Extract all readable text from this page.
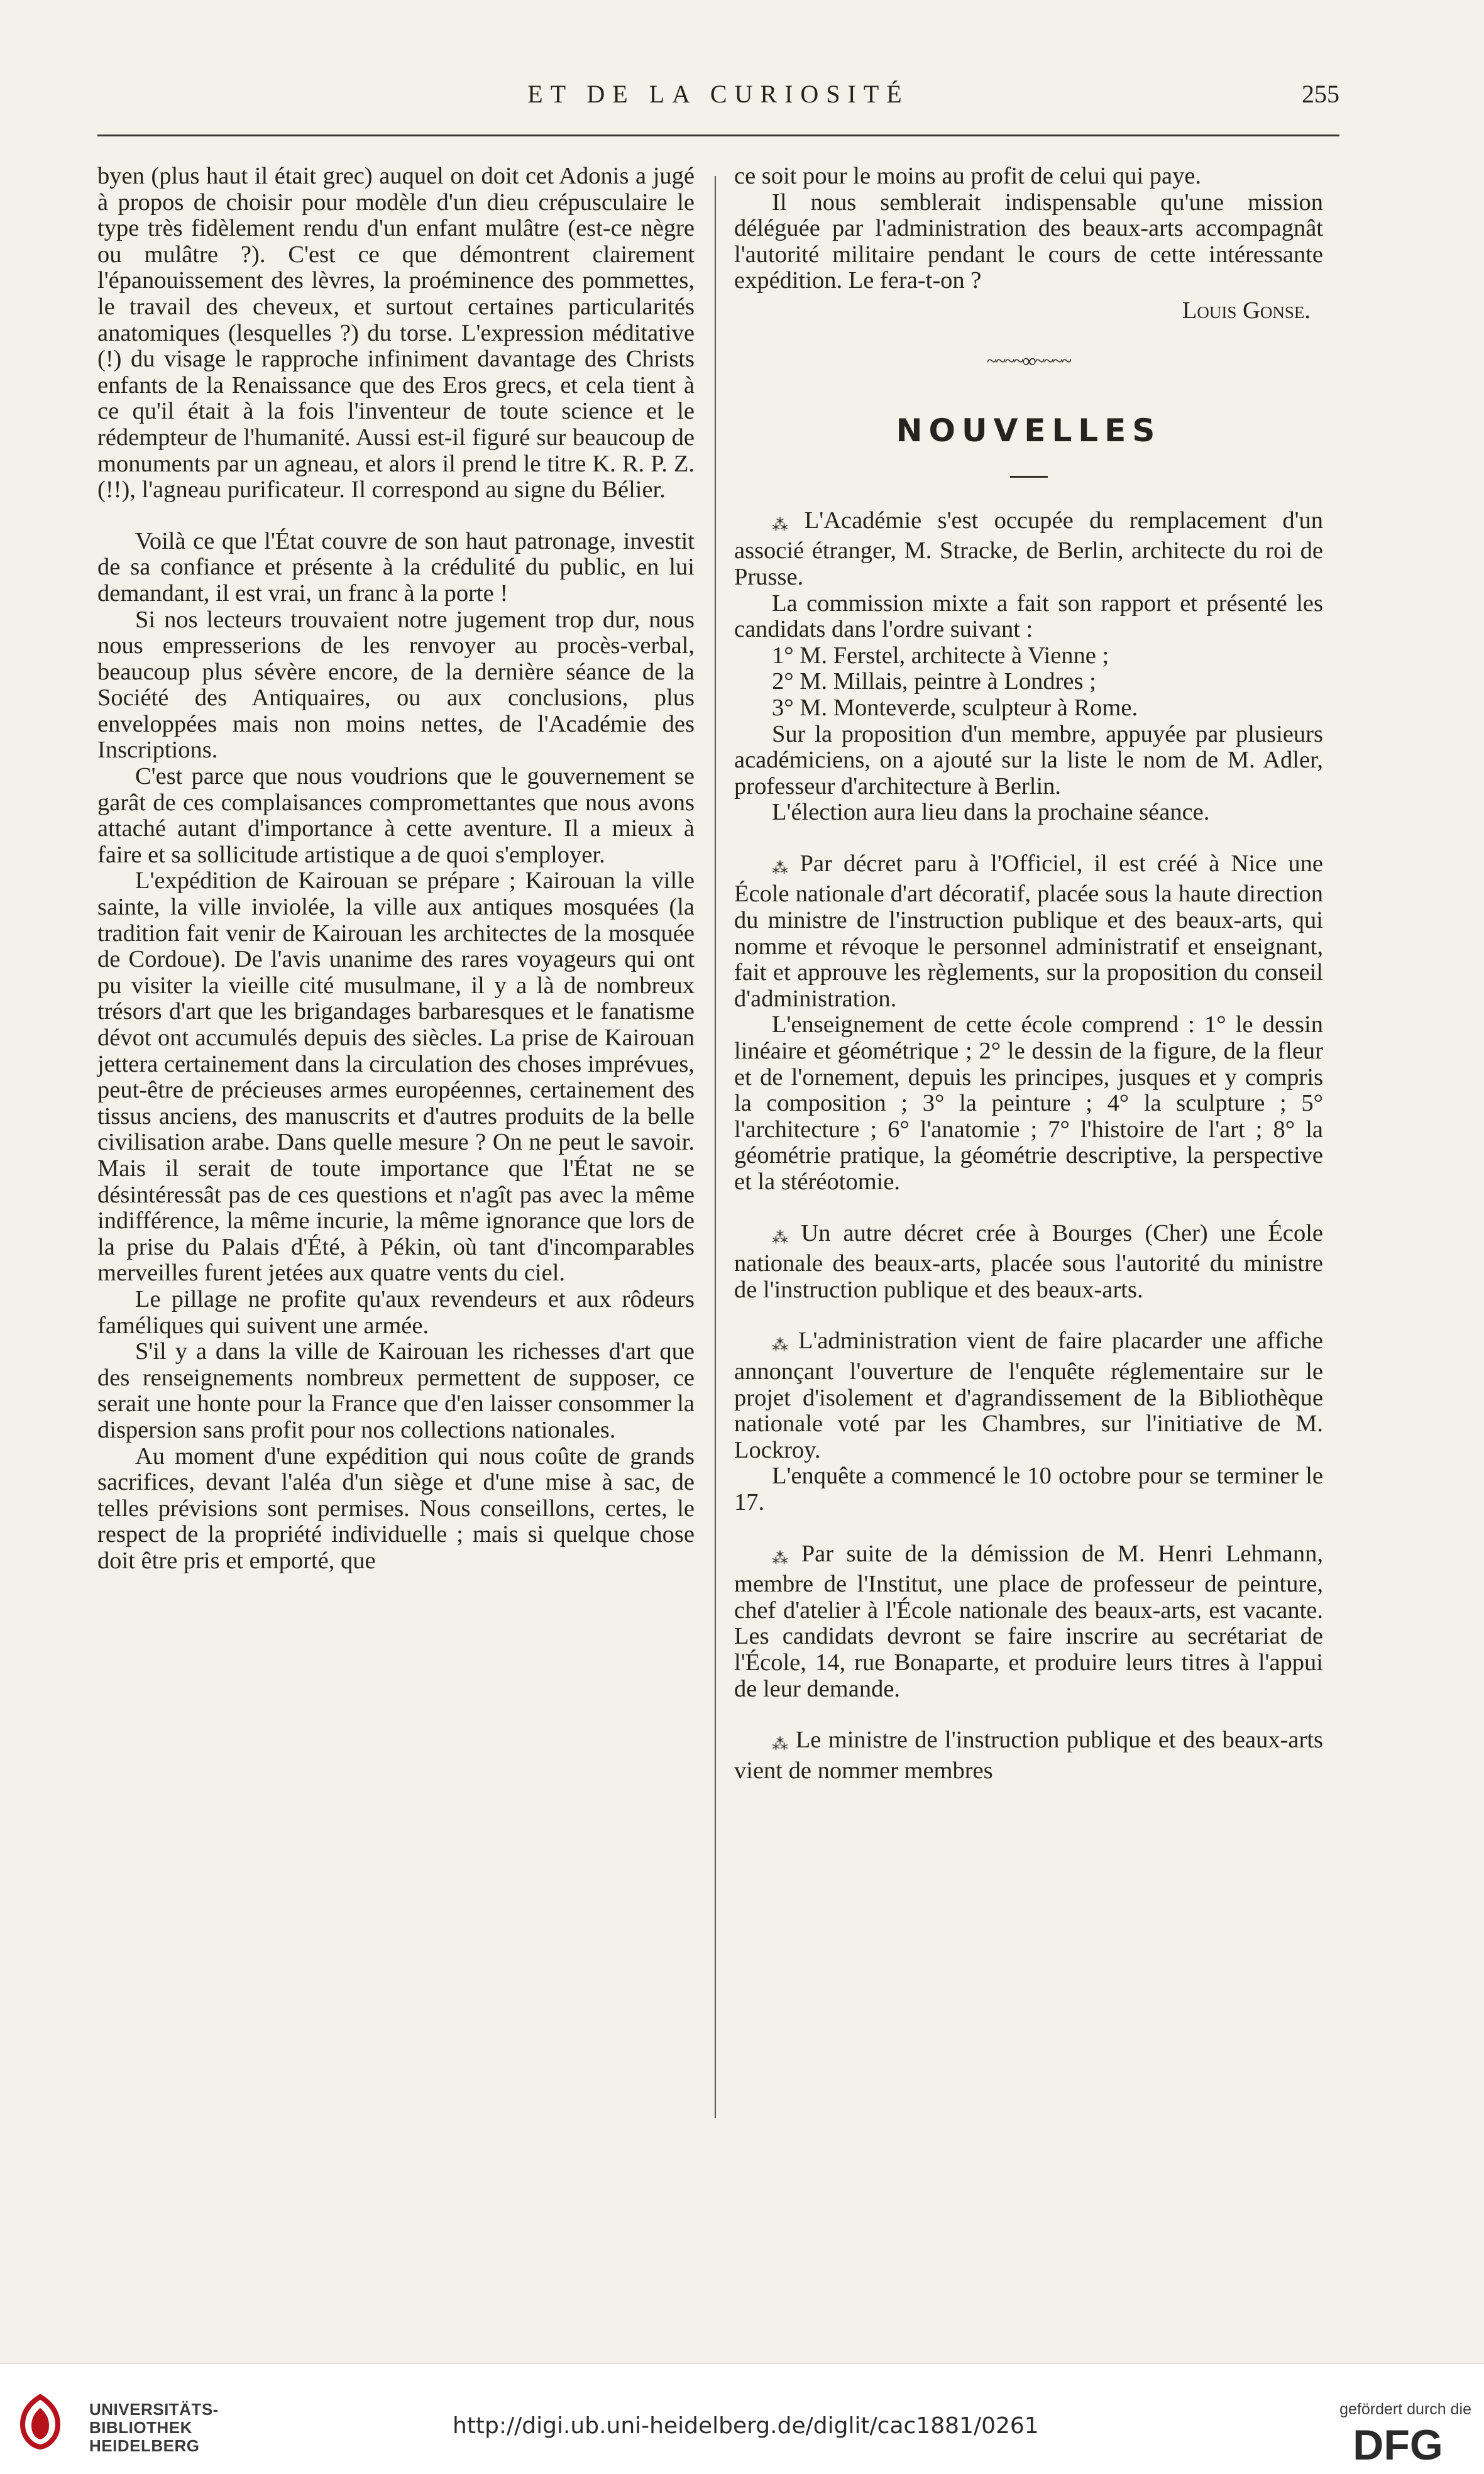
ET DE LA CURIOSITÉ	255

byen (plus haut il était grec) auquel on doit cet Adonis a jugé à propos de choisir pour modèle d'un dieu crépusculaire le type très fidèlement rendu d'un enfant mulâtre (est-ce nègre ou mulâtre ?). C'est ce que démontrent clairement l'épanouissement des lèvres, la proéminence des pommettes, le travail des cheveux, et surtout certaines particularités anatomiques (lesquelles ?) du torse. L'expression méditative (!) du visage le rapproche infiniment davantage des Christs enfants de la Renaissance que des Eros grecs, et cela tient à ce qu'il était à la fois l'inventeur de toute science et le rédempteur de l'humanité. Aussi est-il figuré sur beaucoup de monuments par un agneau, et alors il prend le titre K. R. P. Z. (!!), l'agneau purificateur. Il correspond au signe du Bélier.

Voilà ce que l'État couvre de son haut patronage, investit de sa confiance et présente à la crédulité du public, en lui demandant, il est vrai, un franc à la porte !

Si nos lecteurs trouvaient notre jugement trop dur, nous nous empresserions de les renvoyer au procès-verbal, beaucoup plus sévère encore, de la dernière séance de la Société des Antiquaires, ou aux conclusions, plus enveloppées mais non moins nettes, de l'Académie des Inscriptions.

C'est parce que nous voudrions que le gouvernement se garât de ces complaisances compromettantes que nous avons attaché autant d'importance à cette aventure. Il a mieux à faire et sa sollicitude artistique a de quoi s'employer.

L'expédition de Kairouan se prépare ; Kairouan la ville sainte, la ville inviolée, la ville aux antiques mosquées (la tradition fait venir de Kairouan les architectes de la mosquée de Cordoue). De l'avis unanime des rares voyageurs qui ont pu visiter la vieille cité musulmane, il y a là de nombreux trésors d'art que les brigandages barbaresques et le fanatisme dévot ont accumulés depuis des siècles. La prise de Kairouan jettera certainement dans la circulation des choses imprévues, peut-être de précieuses armes européennes, certainement des tissus anciens, des manuscrits et d'autres produits de la belle civilisation arabe. Dans quelle mesure ? On ne peut le savoir. Mais il serait de toute importance que l'État ne se désintéressât pas de ces questions et n'agît pas avec la même indifférence, la même incurie, la même ignorance que lors de la prise du Palais d'Été, à Pékin, où tant d'incomparables merveilles furent jetées aux quatre vents du ciel.

Le pillage ne profite qu'aux revendeurs et aux rôdeurs faméliques qui suivent une armée.

S'il y a dans la ville de Kairouan les richesses d'art que des renseignements nombreux permettent de supposer, ce serait une honte pour la France que d'en laisser consommer la dispersion sans profit pour nos collections nationales.

Au moment d'une expédition qui nous coûte de grands sacrifices, devant l'aléa d'un siège et d'une mise à sac, de telles prévisions sont permises. Nous conseillons, certes, le respect de la propriété individuelle ; mais si quelque chose doit être pris et emporté, que

ce soit pour le moins au profit de celui qui paye.

Il nous semblerait indispensable qu'une mission déléguée par l'administration des beaux-arts accompagnât l'autorité militaire pendant le cours de cette intéressante expédition. Le fera-t-on ?

Louis Gonse.

~~~~∞~~~~
NOUVELLES

⁂ L'Académie s'est occupée du remplacement d'un associé étranger, M. Stracke, de Berlin, architecte du roi de Prusse.

La commission mixte a fait son rapport et présenté les candidats dans l'ordre suivant :

1° M. Ferstel, architecte à Vienne ;

2° M. Millais, peintre à Londres ;

3° M. Monteverde, sculpteur à Rome.

Sur la proposition d'un membre, appuyée par plusieurs académiciens, on a ajouté sur la liste le nom de M. Adler, professeur d'architecture à Berlin.

L'élection aura lieu dans la prochaine séance.

⁂ Par décret paru à l'Officiel, il est créé à Nice une École nationale d'art décoratif, placée sous la haute direction du ministre de l'instruction publique et des beaux-arts, qui nomme et révoque le personnel administratif et enseignant, fait et approuve les règlements, sur la proposition du conseil d'administration.

L'enseignement de cette école comprend : 1° le dessin linéaire et géométrique ; 2° le dessin de la figure, de la fleur et de l'ornement, depuis les principes, jusques et y compris la composition ; 3° la peinture ; 4° la sculpture ; 5° l'architecture ; 6° l'anatomie ; 7° l'histoire de l'art ; 8° la géométrie pratique, la géométrie descriptive, la perspective et la stéréotomie.

⁂ Un autre décret crée à Bourges (Cher) une École nationale des beaux-arts, placée sous l'autorité du ministre de l'instruction publique et des beaux-arts.

⁂ L'administration vient de faire placarder une affiche annonçant l'ouverture de l'enquête réglementaire sur le projet d'isolement et d'agrandissement de la Bibliothèque nationale voté par les Chambres, sur l'initiative de M. Lockroy.

L'enquête a commencé le 10 octobre pour se terminer le 17.

⁂ Par suite de la démission de M. Henri Lehmann, membre de l'Institut, une place de professeur de peinture, chef d'atelier à l'École nationale des beaux-arts, est vacante. Les candidats devront se faire inscrire au secrétariat de l'École, 14, rue Bonaparte, et produire leurs titres à l'appui de leur demande.

⁂ Le ministre de l'instruction publique et des beaux-arts vient de nommer membres

UNIVERSITÄTS-
BIBLIOTHEK
HEIDELBERG
http://digi.ub.uni-heidelberg.de/diglit/cac1881/0261
gefördert durch die
DFG
